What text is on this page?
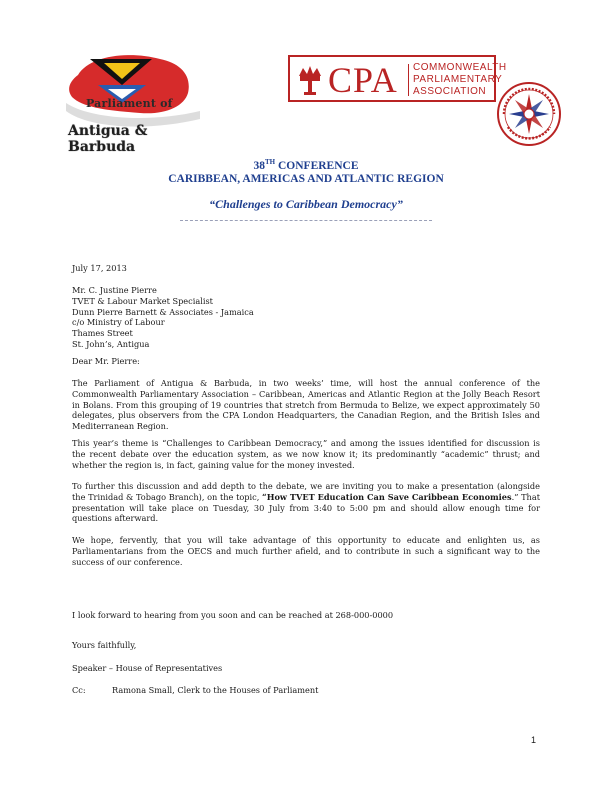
Parliament of
Antigua & Barbuda
CPA COMMONWEALTH
PARLIAMENTARY
ASSOCIATION
38TH CONFERENCE
CARIBBEAN, AMERICAS AND ATLANTIC REGION
“Challenges to Caribbean Democracy”
July 17, 2013
Mr. C. Justine Pierre
TVET & Labour Market Specialist
Dunn Pierre Barnett & Associates - Jamaica
c/o Ministry of Labour
Thames Street
St. John’s, Antigua
Dear Mr. Pierre:
The Parliament of Antigua & Barbuda, in two weeks’ time, will host the annual conference of the Commonwealth Parliamentary Association – Caribbean, Americas and Atlantic Region at the Jolly Beach Resort in Bolans. From this grouping of 19 countries that stretch from Bermuda to Belize, we expect approximately 50 delegates, plus observers from the CPA London Headquarters, the Canadian Region, and the British Isles and Mediterranean Region.
This year’s theme is “Challenges to Caribbean Democracy,” and among the issues identified for discussion is the recent debate over the education system, as we now know it; its predominantly “academic” thrust; and whether the region is, in fact, gaining value for the money invested.
To further this discussion and add depth to the debate, we are inviting you to make a presentation (alongside the Trinidad & Tobago Branch), on the topic, “How TVET Education Can Save Caribbean Economies.” That presentation will take place on Tuesday, 30 July from 3:40 to 5:00 pm and should allow enough time for questions afterward.
We hope, fervently, that you will take advantage of this opportunity to educate and enlighten us, as Parliamentarians from the OECS and much further afield, and to contribute in such a significant way to the success of our conference.
I look forward to hearing from you soon and can be reached at 268-000-0000
Yours faithfully,
Speaker – House of Representatives
Cc:	Ramona Small, Clerk to the Houses of Parliament
1
